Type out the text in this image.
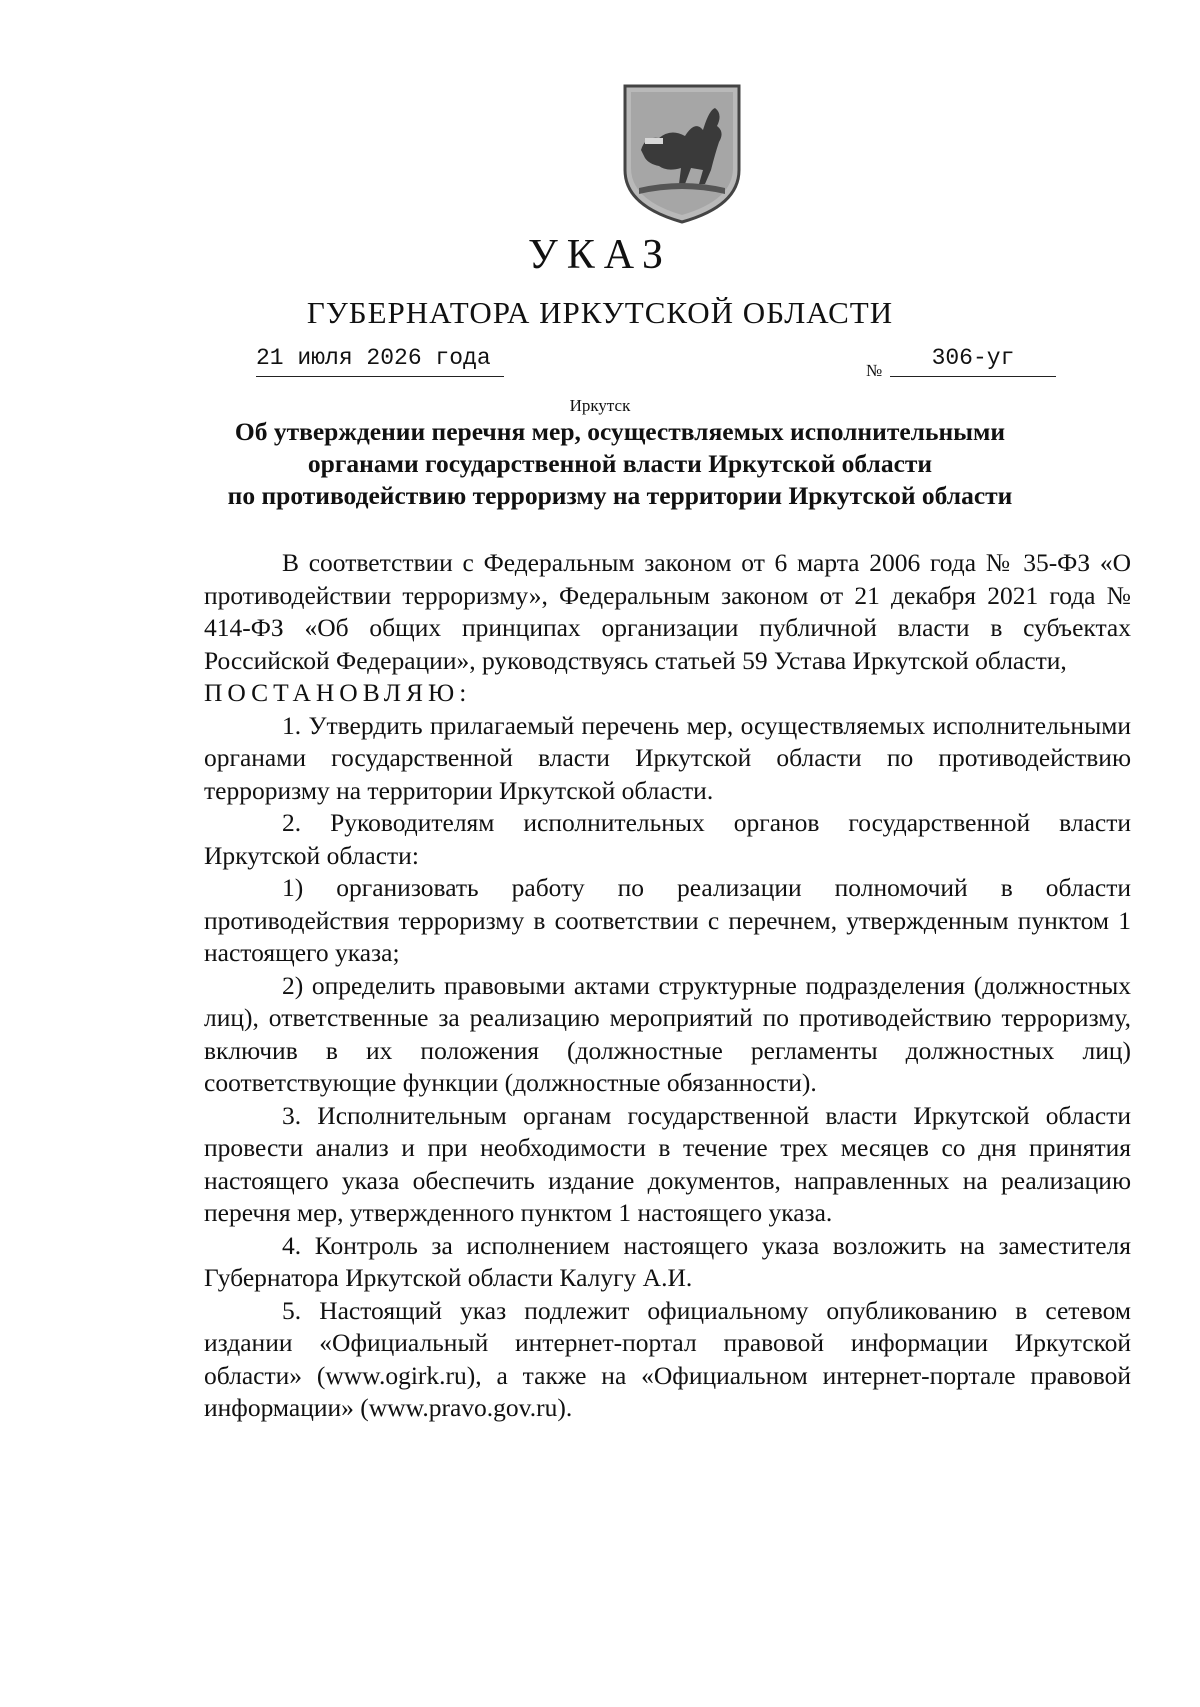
УКАЗ
ГУБЕРНАТОРА ИРКУТСКОЙ ОБЛАСТИ
21 июля 2026 года	№	306-уг
Иркутск
Об утверждении перечня мер, осуществляемых исполнительными
органами государственной власти Иркутской области
по противодействию терроризму на территории Иркутской области

В соответствии с Федеральным законом от 6 марта 2006 года № 35-ФЗ «О противодействии терроризму», Федеральным законом от 21 декабря 2021 года № 414-ФЗ «Об общих принципах организации публичной власти в субъектах Российской Федерации», руководствуясь статьей 59 Устава Иркутской области,

ПОСТАНОВЛЯЮ:

1. Утвердить прилагаемый перечень мер, осуществляемых исполнительными органами государственной власти Иркутской области по противодействию терроризму на территории Иркутской области.

2. Руководителям исполнительных органов государственной власти Иркутской области:

1) организовать работу по реализации полномочий в области противодействия терроризму в соответствии с перечнем, утвержденным пунктом 1 настоящего указа;

2) определить правовыми актами структурные подразделения (должностных лиц), ответственные за реализацию мероприятий по противодействию терроризму, включив в их положения (должностные регламенты должностных лиц) соответствующие функции (должностные обязанности).

3. Исполнительным органам государственной власти Иркутской области провести анализ и при необходимости в течение трех месяцев со дня принятия настоящего указа обеспечить издание документов, направленных на реализацию перечня мер, утвержденного пунктом 1 настоящего указа.

4. Контроль за исполнением настоящего указа возложить на заместителя Губернатора Иркутской области Калугу А.И.

5. Настоящий указ подлежит официальному опубликованию в сетевом издании «Официальный интернет-портал правовой информации Иркутской области» (www.ogirk.ru), а также на «Официальном интернет-портале правовой информации» (www.pravo.gov.ru).
